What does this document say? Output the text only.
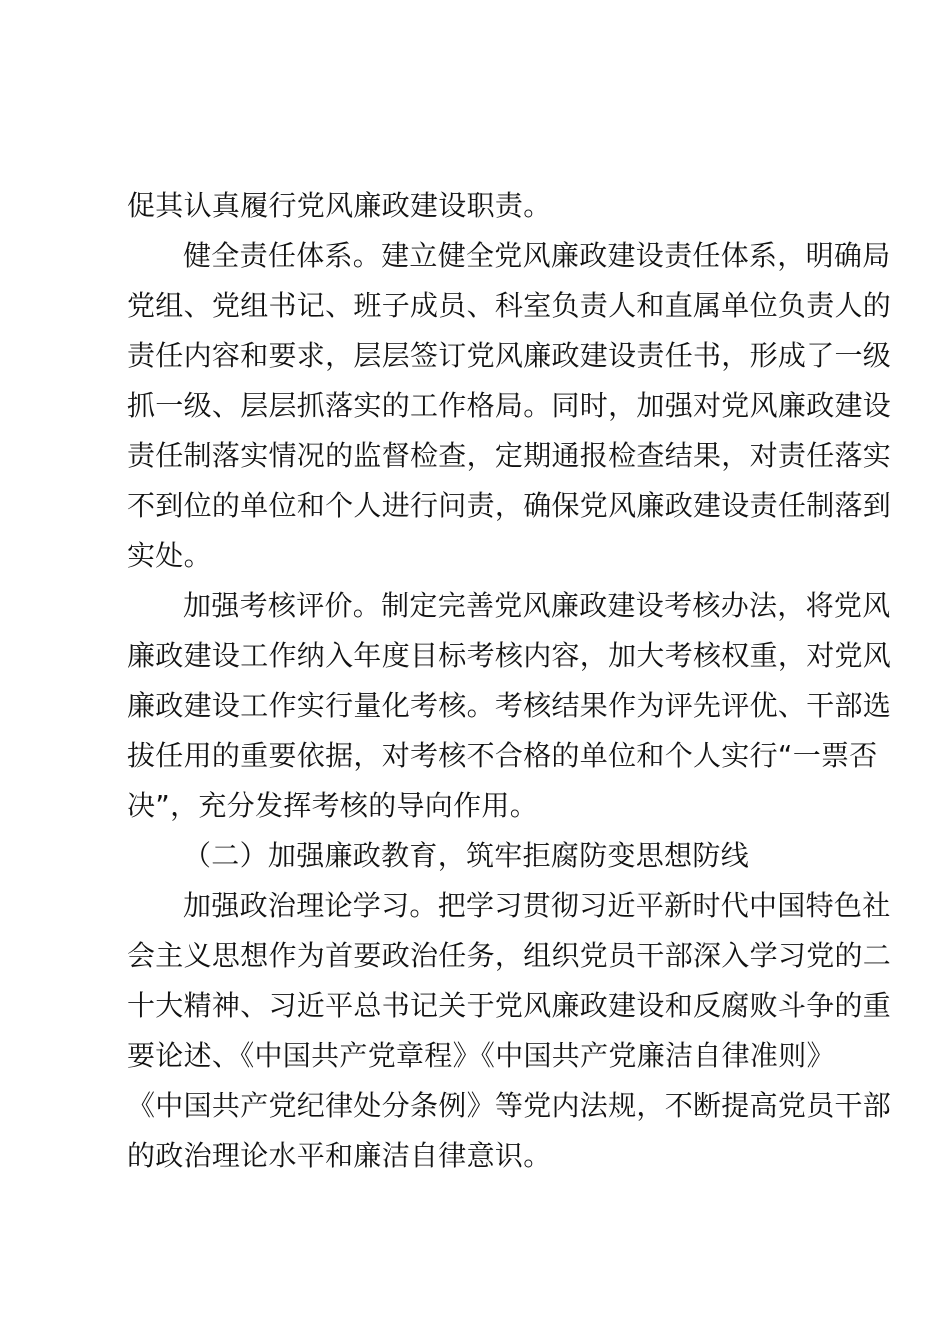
促其认真履行党风廉政建设职责。
健全责任体系。建立健全党风廉政建设责任体系，明确局
党组、党组书记、班子成员、科室负责人和直属单位负责人的
责任内容和要求，层层签订党风廉政建设责任书，形成了一级
抓一级、层层抓落实的工作格局。同时，加强对党风廉政建设
责任制落实情况的监督检查，定期通报检查结果，对责任落实
不到位的单位和个人进行问责，确保党风廉政建设责任制落到
实处。
加强考核评价。制定完善党风廉政建设考核办法，将党风
廉政建设工作纳入年度目标考核内容，加大考核权重，对党风
廉政建设工作实行量化考核。考核结果作为评先评优、干部选
拔任用的重要依据，对考核不合格的单位和个人实行“一票否
决”，充分发挥考核的导向作用。
（二）加强廉政教育，筑牢拒腐防变思想防线
加强政治理论学习。把学习贯彻习近平新时代中国特色社
会主义思想作为首要政治任务，组织党员干部深入学习党的二
十大精神、习近平总书记关于党风廉政建设和反腐败斗争的重
要论述、《中国共产党章程》《中国共产党廉洁自律准则》
《中国共产党纪律处分条例》等党内法规，不断提高党员干部
的政治理论水平和廉洁自律意识。
